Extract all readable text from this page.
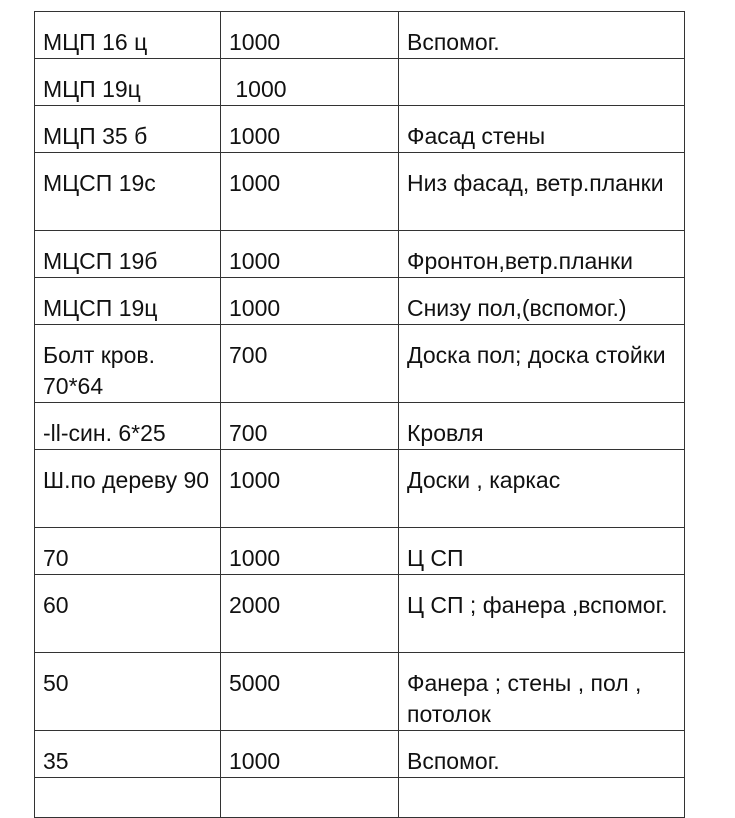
МЦП 16 ц	1000	Вспомог.
МЦП 19ц	1000	
МЦП 35 б	1000	Фасад стены
МЦСП 19с	1000	Низ фасад, ветр.планки
МЦСП 19б	1000	Фронтон,ветр.планки
МЦСП 19ц	1000	Снизу пол,(вспомог.)
Болт кров. 70*64	700	Доска пол; доска стойки
-ll-син. 6*25	700	Кровля
Ш.по дереву 90	1000	Доски , каркас
70	1000	Ц СП
60	2000	Ц СП ; фанера ,вспомог.
50	5000	Фанера ; стены , пол , потолок
35	1000	Вспомог.
